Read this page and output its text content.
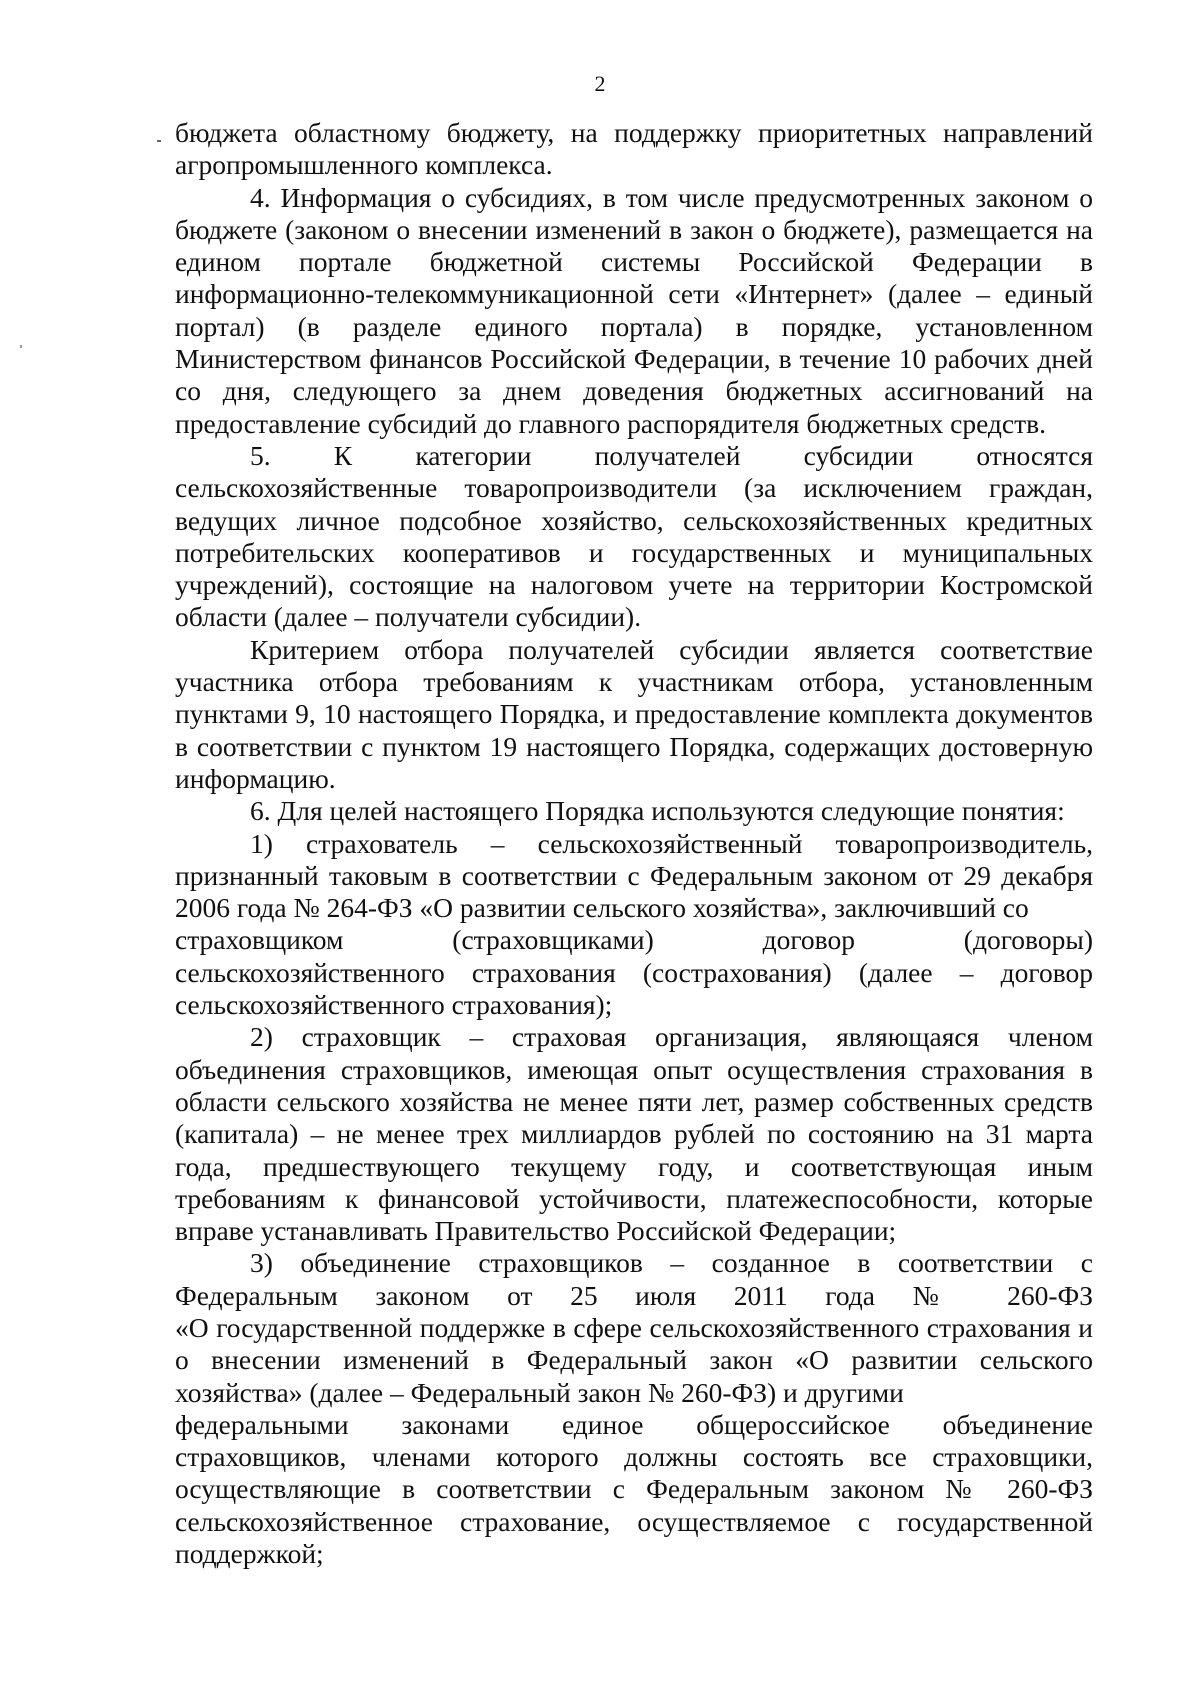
2

бюджета областному бюджету, на поддержку приоритетных направлений агропромышленного комплекса.

4. Информация о субсидиях, в том числе предусмотренных законом о бюджете (законом о внесении изменений в закон о бюджете), размещается на едином портале бюджетной системы Российской Федерации в информационно-телекоммуникационной сети «Интернет» (далее – единый портал) (в разделе единого портала) в порядке, установленном Министерством финансов Российской Федерации, в течение 10 рабочих дней со дня, следующего за днем доведения бюджетных ассигнований на предоставление субсидий до главного распорядителя бюджетных средств.

5. К категории получателей субсидии относятся

сельскохозяйственные товаропроизводители (за исключением граждан, ведущих личное подсобное хозяйство, сельскохозяйственных кредитных потребительских кооперативов и государственных и муниципальных учреждений), состоящие на налоговом учете на территории Костромской области (далее – получатели субсидии).

Критерием отбора получателей субсидии является соответствие участника отбора требованиям к участникам отбора, установленным пунктами 9, 10 настоящего Порядка, и предоставление комплекта документов в соответствии с пунктом 19 настоящего Порядка, содержащих достоверную информацию.

6. Для целей настоящего Порядка используются следующие понятия:

1) страхователь – сельскохозяйственный товаропроизводитель,

признанный таковым в соответствии с Федеральным законом от 29 декабря 2006 года № 264-ФЗ «О развитии сельского хозяйства», заключивший со

страховщиком (страховщиками) договор (договоры)

сельскохозяйственного страхования (сострахования) (далее – договор сельскохозяйственного страхования);

2) страховщик – страховая организация, являющаяся членом объединения страховщиков, имеющая опыт осуществления страхования в области сельского хозяйства не менее пяти лет, размер собственных средств (капитала) – не менее трех миллиардов рублей по состоянию на 31 марта года, предшествующего текущему году, и соответствующая иным требованиям к финансовой устойчивости, платежеспособности, которые вправе устанавливать Правительство Российской Федерации;

3) объединение страховщиков – созданное в соответствии с
Федеральным законом от 25 июля 2011 года № 260-ФЗ

«О государственной поддержке в сфере сельскохозяйственного страхования и о внесении изменений в Федеральный закон «О развитии сельского хозяйства» (далее – Федеральный закон № 260-ФЗ) и другими

федеральными законами единое общероссийское объединение

страховщиков, членами которого должны состоять все страховщики, осуществляющие в соответствии с Федеральным законом № 260-ФЗ сельскохозяйственное страхование, осуществляемое с государственной поддержкой;
